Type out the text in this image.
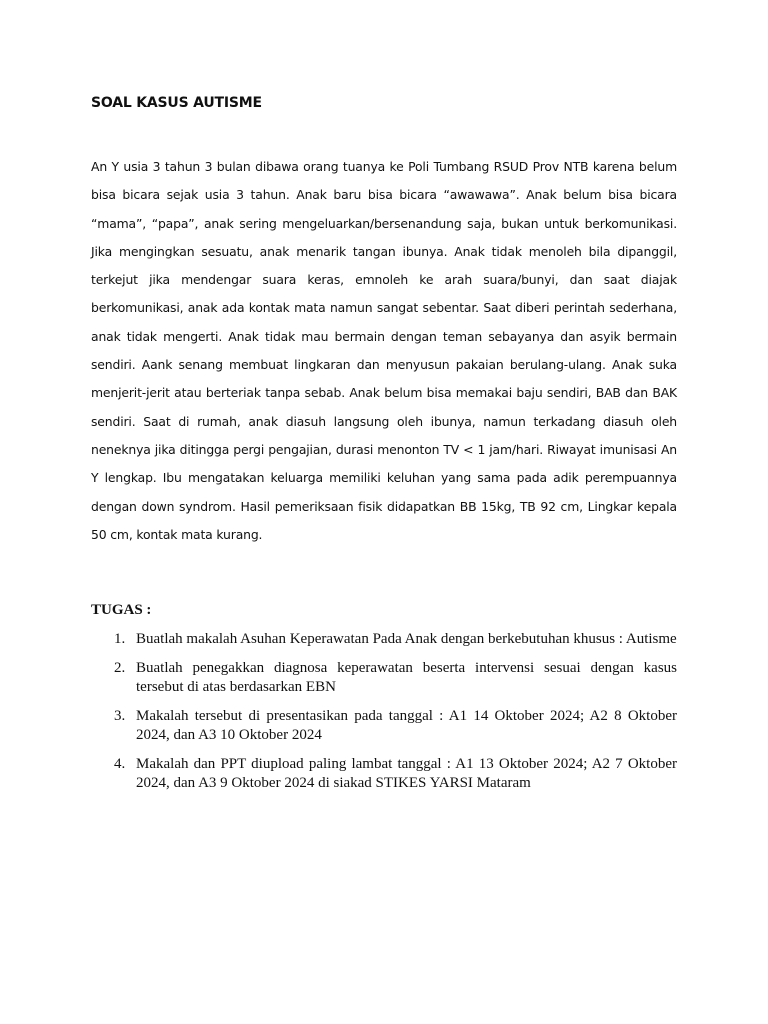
SOAL KASUS AUTISME

An Y usia 3 tahun 3 bulan dibawa orang tuanya ke Poli Tumbang RSUD Prov NTB karena belum bisa bicara sejak usia 3 tahun. Anak baru bisa bicara “awawawa”. Anak belum bisa bicara “mama”, “papa”, anak sering mengeluarkan/bersenandung saja, bukan untuk berkomunikasi. Jika mengingkan sesuatu, anak menarik tangan ibunya. Anak tidak menoleh bila dipanggil, terkejut jika mendengar suara keras, emnoleh ke arah suara/bunyi, dan saat diajak berkomunikasi, anak ada kontak mata namun sangat sebentar. Saat diberi perintah sederhana, anak tidak mengerti. Anak tidak mau bermain dengan teman sebayanya dan asyik bermain sendiri. Aank senang membuat lingkaran dan menyusun pakaian berulang-ulang. Anak suka menjerit-jerit atau berteriak tanpa sebab. Anak belum bisa memakai baju sendiri, BAB dan BAK sendiri. Saat di rumah, anak diasuh langsung oleh ibunya, namun terkadang diasuh oleh neneknya jika ditingga pergi pengajian, durasi menonton TV < 1 jam/hari. Riwayat imunisasi An Y lengkap. Ibu mengatakan keluarga memiliki keluhan yang sama pada adik perempuannya dengan down syndrom. Hasil pemeriksaan fisik didapatkan BB 15kg, TB 92 cm, Lingkar kepala 50 cm, kontak mata kurang.

TUGAS :
1. Buatlah makalah Asuhan Keperawatan Pada Anak dengan berkebutuhan khusus : Autisme
2. Buatlah penegakkan diagnosa keperawatan beserta intervensi sesuai dengan kasus tersebut di atas berdasarkan EBN
3. Makalah tersebut di presentasikan pada tanggal : A1 14 Oktober 2024; A2 8 Oktober 2024, dan A3 10 Oktober 2024
4. Makalah dan PPT diupload paling lambat tanggal : A1 13 Oktober 2024; A2 7 Oktober 2024, dan A3 9 Oktober 2024 di siakad STIKES YARSI Mataram
